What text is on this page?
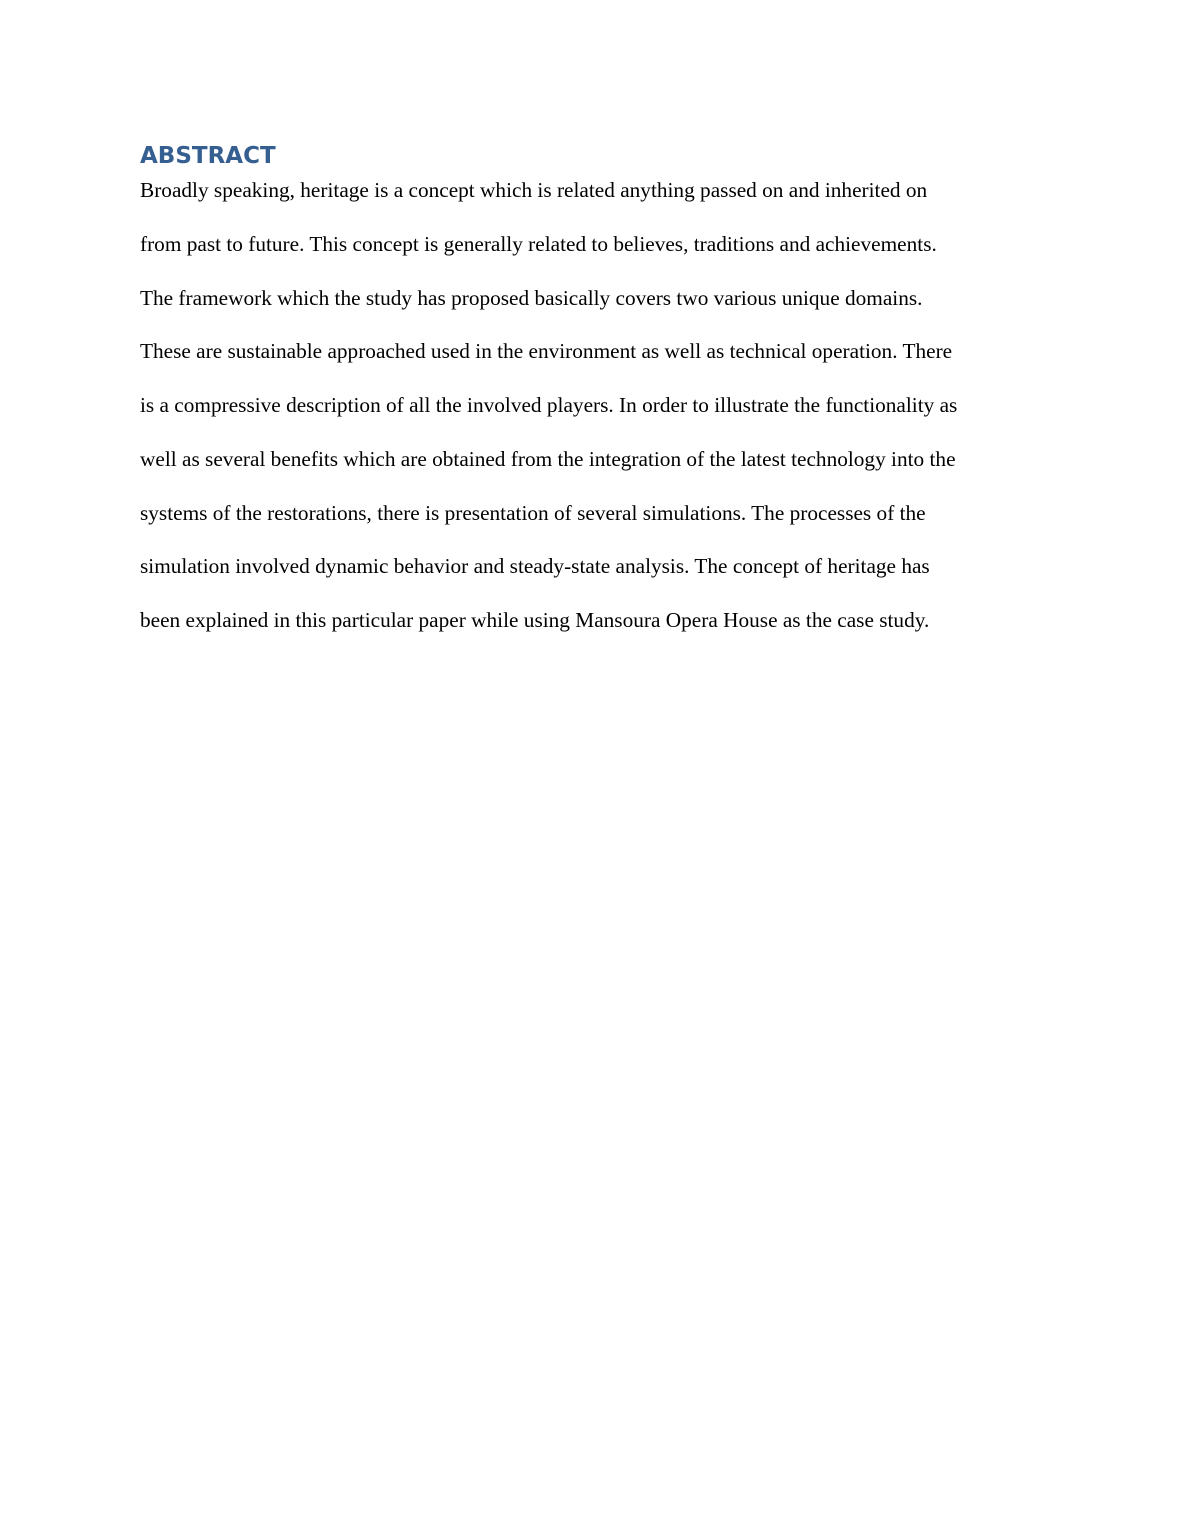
ABSTRACT
Broadly speaking, heritage is a concept which is related anything passed on and inherited on
from past to future. This concept is generally related to believes, traditions and achievements.
The framework which the study has proposed basically covers two various unique domains.
These are sustainable approached used in the environment as well as technical operation. There
is a compressive description of all the involved players. In order to illustrate the functionality as
well as several benefits which are obtained from the integration of the latest technology into the
systems of the restorations, there is presentation of several simulations. The processes of the
simulation involved dynamic behavior and steady-state analysis. The concept of heritage has
been explained in this particular paper while using Mansoura Opera House as the case study.
